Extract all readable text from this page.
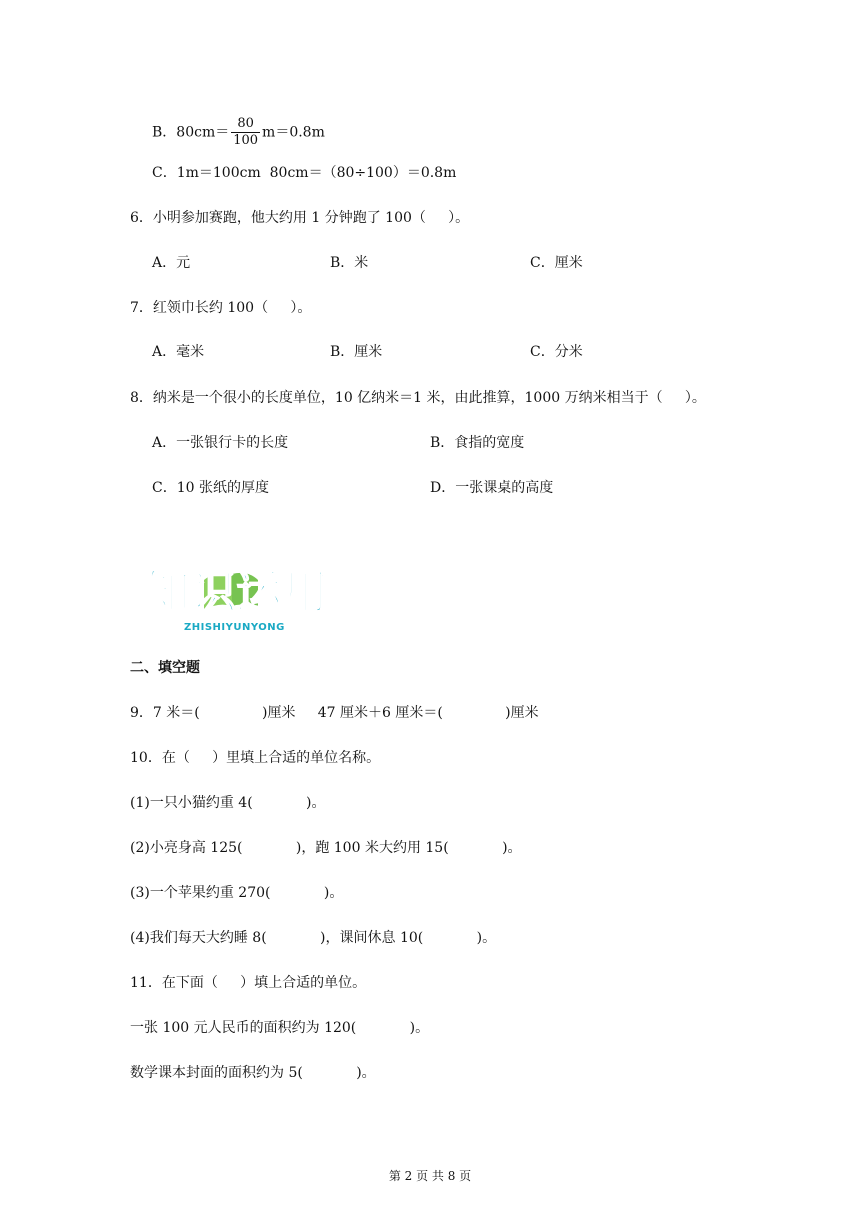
B．$80cm= \frac{80}{100} m=0.8m$
C．1m＝100cm  80cm＝（80÷100）＝0.8m
6．小明参加赛跑，他大约用 1 分钟跑了 100（     ）。
A．元	B．米	C．厘米
7．红领巾长约 100（     ）。
A．毫米	B．厘米	C．分米
8．纳米是一个很小的长度单位，10 亿纳米＝1 米，由此推算，1000 万纳米相当于（     ）。
A．一张银行卡的长度	B．食指的宽度
C．10 张纸的厚度	D．一张课桌的高度
知识运用
ZHISHIYUNYONG
二、填空题
9．7 米＝(              )厘米     47 厘米＋6 厘米＝(              )厘米
10．在（     ）里填上合适的单位名称。
(1)一只小猫约重 4(            )。
(2)小亮身高 125(            )，跑 100 米大约用 15(            )。
(3)一个苹果约重 270(            )。
(4)我们每天大约睡 8(            )，课间休息 10(            )。
11．在下面（     ）填上合适的单位。
一张 100 元人民币的面积约为 120(            )。
数学课本封面的面积约为 5(            )。
第 2 页 共 8 页
